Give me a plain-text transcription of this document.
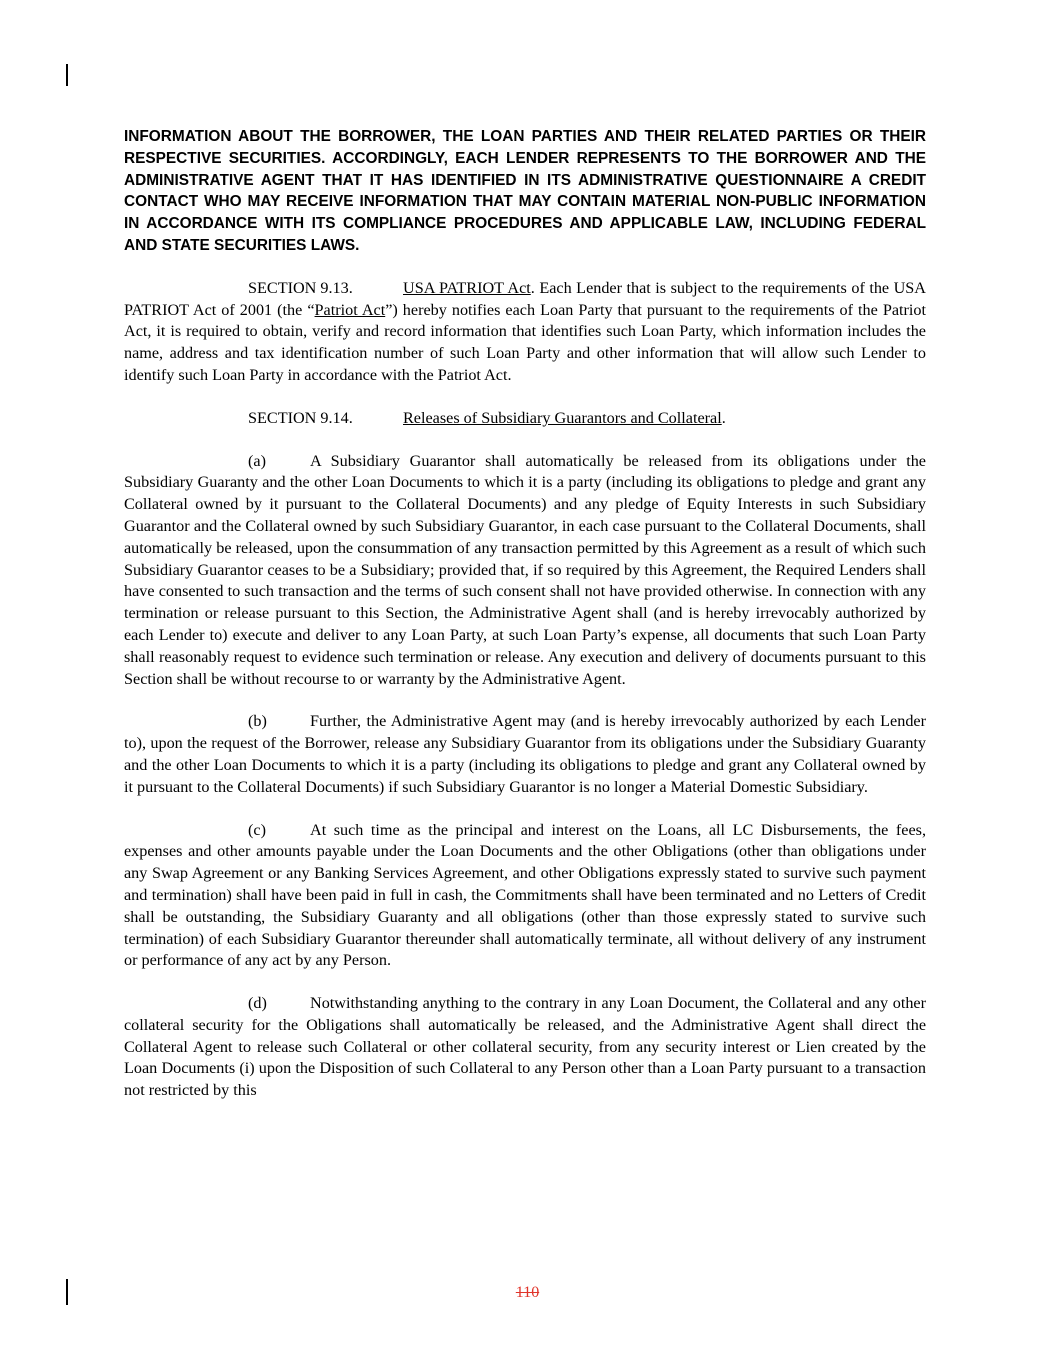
INFORMATION ABOUT THE BORROWER, THE LOAN PARTIES AND THEIR RELATED PARTIES OR THEIR RESPECTIVE SECURITIES. ACCORDINGLY, EACH LENDER REPRESENTS TO THE BORROWER AND THE ADMINISTRATIVE AGENT THAT IT HAS IDENTIFIED IN ITS ADMINISTRATIVE QUESTIONNAIRE A CREDIT CONTACT WHO MAY RECEIVE INFORMATION THAT MAY CONTAIN MATERIAL NON-PUBLIC INFORMATION IN ACCORDANCE WITH ITS COMPLIANCE PROCEDURES AND APPLICABLE LAW, INCLUDING FEDERAL AND STATE SECURITIES LAWS.

SECTION 9.13.	USA PATRIOT Act. Each Lender that is subject to the requirements of the USA PATRIOT Act of 2001 (the “Patriot Act”) hereby notifies each Loan Party that pursuant to the requirements of the Patriot Act, it is required to obtain, verify and record information that identifies such Loan Party, which information includes the name, address and tax identification number of such Loan Party and other information that will allow such Lender to identify such Loan Party in accordance with the Patriot Act.

SECTION 9.14.	Releases of Subsidiary Guarantors and Collateral.

(a)	A Subsidiary Guarantor shall automatically be released from its obligations under the Subsidiary Guaranty and the other Loan Documents to which it is a party (including its obligations to pledge and grant any Collateral owned by it pursuant to the Collateral Documents) and any pledge of Equity Interests in such Subsidiary Guarantor and the Collateral owned by such Subsidiary Guarantor, in each case pursuant to the Collateral Documents, shall automatically be released, upon the consummation of any transaction permitted by this Agreement as a result of which such Subsidiary Guarantor ceases to be a Subsidiary; provided that, if so required by this Agreement, the Required Lenders shall have consented to such transaction and the terms of such consent shall not have provided otherwise. In connection with any termination or release pursuant to this Section, the Administrative Agent shall (and is hereby irrevocably authorized by each Lender to) execute and deliver to any Loan Party, at such Loan Party’s expense, all documents that such Loan Party shall reasonably request to evidence such termination or release. Any execution and delivery of documents pursuant to this Section shall be without recourse to or warranty by the Administrative Agent.

(b)	Further, the Administrative Agent may (and is hereby irrevocably authorized by each Lender to), upon the request of the Borrower, release any Subsidiary Guarantor from its obligations under the Subsidiary Guaranty and the other Loan Documents to which it is a party (including its obligations to pledge and grant any Collateral owned by it pursuant to the Collateral Documents) if such Subsidiary Guarantor is no longer a Material Domestic Subsidiary.

(c)	At such time as the principal and interest on the Loans, all LC Disbursements, the fees, expenses and other amounts payable under the Loan Documents and the other Obligations (other than obligations under any Swap Agreement or any Banking Services Agreement, and other Obligations expressly stated to survive such payment and termination) shall have been paid in full in cash, the Commitments shall have been terminated and no Letters of Credit shall be outstanding, the Subsidiary Guaranty and all obligations (other than those expressly stated to survive such termination) of each Subsidiary Guarantor thereunder shall automatically terminate, all without delivery of any instrument or performance of any act by any Person.

(d)	Notwithstanding anything to the contrary in any Loan Document, the Collateral and any other collateral security for the Obligations shall automatically be released, and the Administrative Agent shall direct the Collateral Agent to release such Collateral or other collateral security, from any security interest or Lien created by the Loan Documents (i) upon the Disposition of such Collateral to any Person other than a Loan Party pursuant to a transaction not restricted by this

110
